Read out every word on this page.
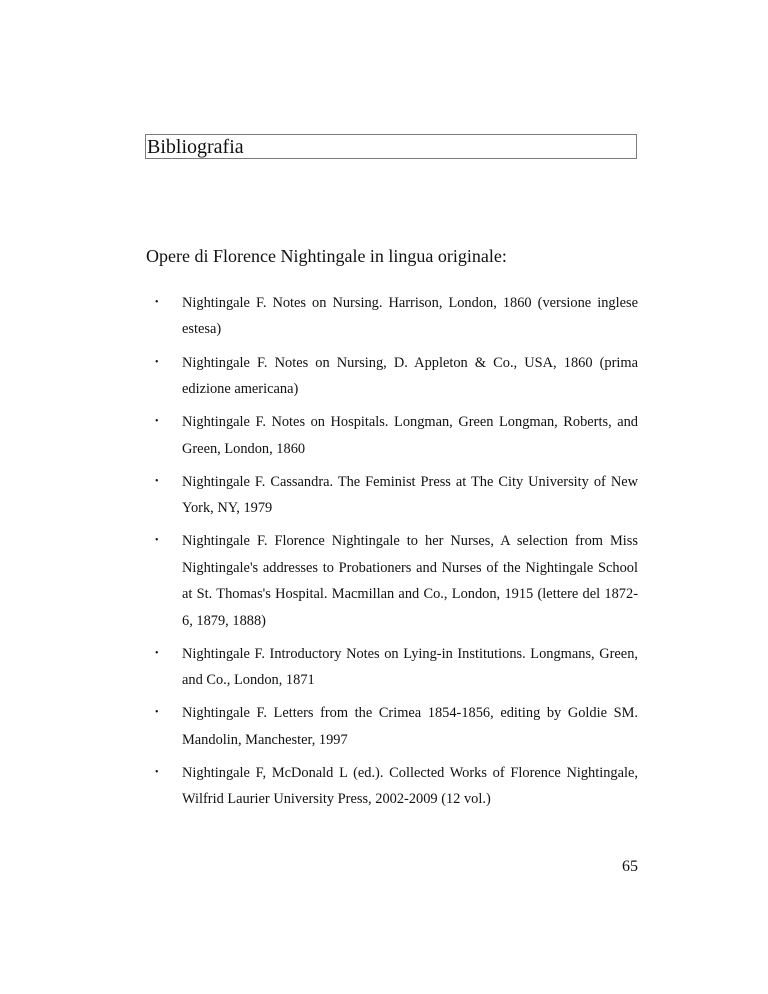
Bibliografia
Opere di Florence Nightingale in lingua originale:
• Nightingale F. Notes on Nursing. Harrison, London, 1860 (versione inglese estesa)
• Nightingale F. Notes on Nursing, D. Appleton & Co., USA, 1860 (prima edizione americana)
• Nightingale F. Notes on Hospitals. Longman, Green Longman, Roberts, and Green, London, 1860
• Nightingale F. Cassandra. The Feminist Press at The City University of New York, NY, 1979
• Nightingale F. Florence Nightingale to her Nurses, A selection from Miss Nightingale's addresses to Probationers and Nurses of the Nightingale School at St. Thomas's Hospital. Macmillan and Co., London, 1915 (lettere del 1872-6, 1879, 1888)
• Nightingale F. Introductory Notes on Lying-in Institutions. Longmans, Green, and Co., London, 1871
• Nightingale F. Letters from the Crimea 1854-1856, editing by Goldie SM. Mandolin, Manchester, 1997
• Nightingale F, McDonald L (ed.). Collected Works of Florence Nightingale, Wilfrid Laurier University Press, 2002-2009 (12 vol.)
65
